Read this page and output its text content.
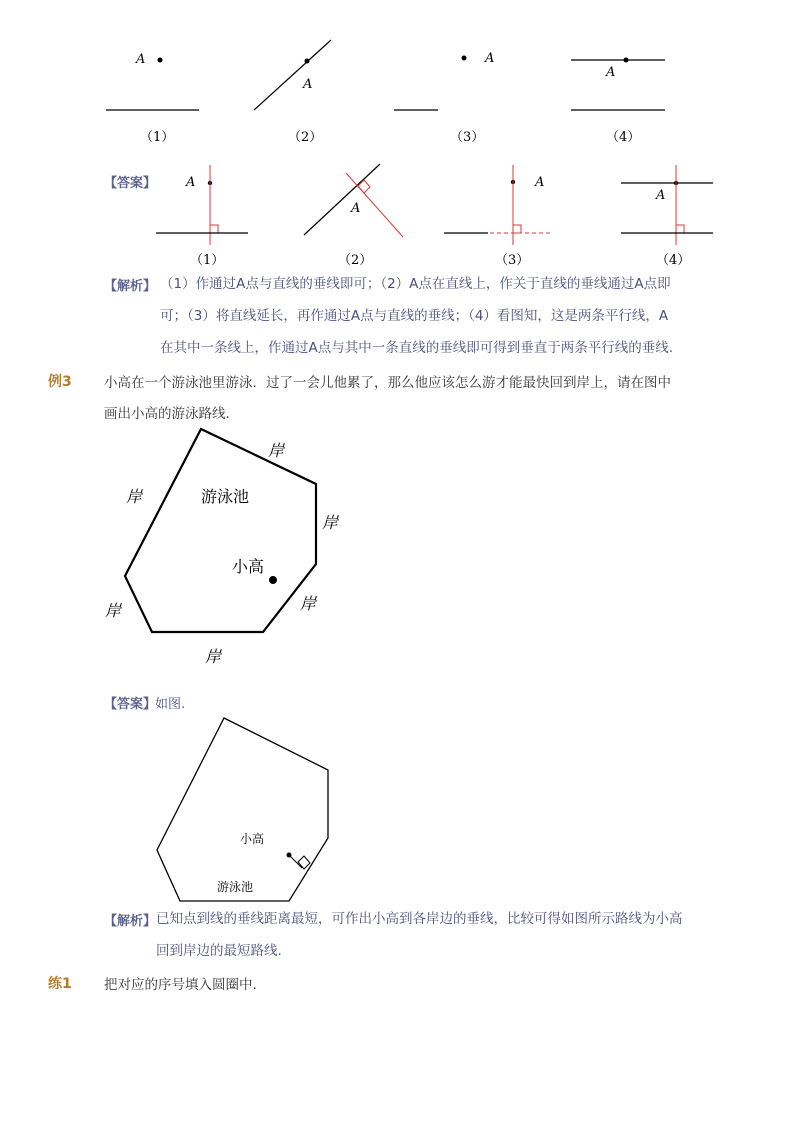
A
A
A
A
（1）	（2）	（3）	（4）
【答案】 A
A
A
A
（1）	（2）	（3）	（4）
【解析】 （1）作通过A点与直线的垂线即可；（2）A点在直线上，作关于直线的垂线通过A点即
可；（3）将直线延长，再作通过A点与直线的垂线；（4）看图知，这是两条平行线，A
在其中一条线上，作通过A点与其中一条直线的垂线即可得到垂直于两条平行线的垂线.
例3 小高在一个游泳池里游泳．过了一会儿他累了，那么他应该怎么游才能最快回到岸上，请在图中
画出小高的游泳路线.
岸
岸
岸
岸
岸
岸
游泳池
小高
【答案】
如图.
小高
游泳池
【解析】 已知点到线的垂线距离最短，可作出小高到各岸边的垂线，比较可得如图所示路线为小高
回到岸边的最短路线.
练1 把对应的序号填入圆圈中.
